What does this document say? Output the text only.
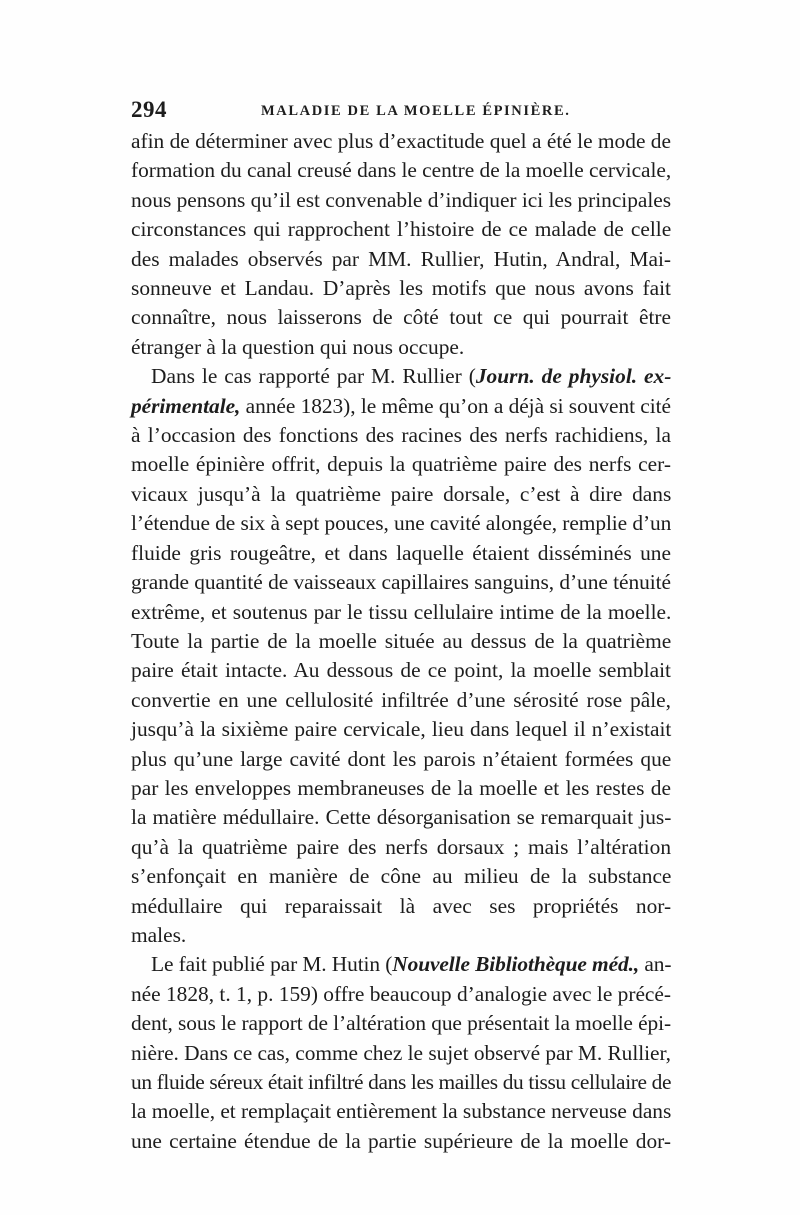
294	MALADIE DE LA MOELLE ÉPINIÈRE.

afin de déterminer avec plus d’exactitude quel a été le mode de
formation du canal creusé dans le centre de la moelle cervicale,
nous pensons qu’il est convenable d’indiquer ici les principales
circonstances qui rapprochent l’histoire de ce malade de celle
des malades observés par MM. Rullier, Hutin, Andral, Mai-
sonneuve et Landau. D’après les motifs que nous avons fait
connaître, nous laisserons de côté tout ce qui pourrait être
étranger à la question qui nous occupe.

Dans le cas rapporté par M. Rullier (Journ. de physiol. ex-
périmentale, année 1823), le même qu’on a déjà si souvent cité
à l’occasion des fonctions des racines des nerfs rachidiens, la
moelle épinière offrit, depuis la quatrième paire des nerfs cer-
vicaux jusqu’à la quatrième paire dorsale, c’est à dire dans
l’étendue de six à sept pouces, une cavité alongée, remplie d’un
fluide gris rougeâtre, et dans laquelle étaient disséminés une
grande quantité de vaisseaux capillaires sanguins, d’une ténuité
extrême, et soutenus par le tissu cellulaire intime de la moelle.
Toute la partie de la moelle située au dessus de la quatrième
paire était intacte. Au dessous de ce point, la moelle semblait
convertie en une cellulosité infiltrée d’une sérosité rose pâle,
jusqu’à la sixième paire cervicale, lieu dans lequel il n’existait
plus qu’une large cavité dont les parois n’étaient formées que
par les enveloppes membraneuses de la moelle et les restes de
la matière médullaire. Cette désorganisation se remarquait jus-
qu’à la quatrième paire des nerfs dorsaux ; mais l’altération
s’enfonçait en manière de cône au milieu de la substance
médullaire qui reparaissait là avec ses propriétés nor-
males.

Le fait publié par M. Hutin (Nouvelle Bibliothèque méd., an-
née 1828, t. 1, p. 159) offre beaucoup d’analogie avec le précé-
dent, sous le rapport de l’altération que présentait la moelle épi-
nière. Dans ce cas, comme chez le sujet observé par M. Rullier,
un fluide séreux était infiltré dans les mailles du tissu cellulaire de
la moelle, et remplaçait entièrement la substance nerveuse dans
une certaine étendue de la partie supérieure de la moelle dor-
